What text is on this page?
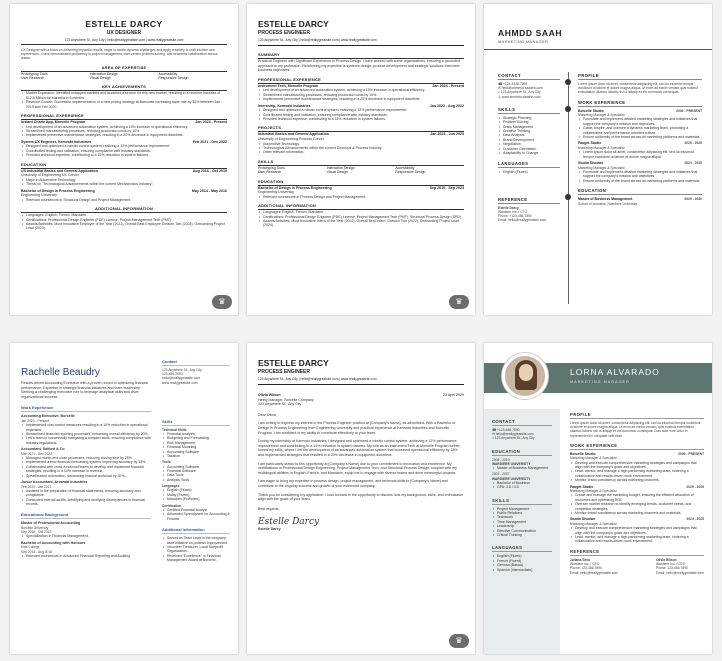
ESTELLE DARCY
UX DESIGNER
123 Anywhere St., Any City | hello@reallygreatsite.com | www.reallygreatsite.com
UX Designer with a focus on delivering impactful results, eager to tackle dynamic challenges and apply creativity to craft intuitive user experiences. I have demonstrated proficiency in project management, user-centric problem-solving, and seamless collaboration across teams.
AREA OF EXPERTISE
Prototyping Tools	Interaction Design	Accessibility
User Research	Visual Design	Responsive Design
KEY ACHIEVEMENTS
• Market Expansion: Identified untapped markets and launched a service for this new market, resulting in a revenue increase of $12.5 Million for Marcella in 6 months.
• Revenue Growth: Successful implementation of a new pricing strategy at Barnowle increasing base rate by 30% between Jan 2019 and Feb 2020.
PROFESSIONAL EXPERIENCE
Instant Chartz App, Morcelle Program	Jan 2023 - Present
• Led development of an advanced automation system, achieving a 15% increase in operational efficiency.
• Streamlined manufacturing processes, reducing production costs by 10%.
• Implemented preventive maintenance strategies, resulting in a 20% decrease in equipment downtime.
System UX Engineer, Kemvoki Industries	Feb 2021 - Dec 2022
• Designed and optimized a robotic control system, realizing a 12% performance improvement.
• Coordinated testing and validation, ensuring compliance with industry standards.
• Provided technical expertise, contributing to a 15% reduction in system failures.
EDUCATION
UX Industrial Basics and General Application	Aug 2016 - Oct 2019
University of Engineering UX Cohort
• Major in Automotive Technology.
• Thesis on "Technological Advancements within the current Mechatronics Industry".
Bachelor of Design in Process Engineering	May 2014 - May 2016
Engineering University
• Relevant coursework in Structural Design and Project Management.
ADDITIONAL INFORMATION
• Languages: English, French, Mandarin.
• Certifications: Professional Design Engineer (PDE) License, Project Management Tech (PMT).
• Awards/Activities: Most Innovative Employer of the Year (2021), Overall Best Employee Division Two (2024), Onboarding Project Lead (2023).
♛
ESTELLE DARCY
PROCESS ENGINEER
123 Anywhere St., Any City | hello@reallygreatsite.com | www.reallygreatsite.com
SUMMARY
Practical Engineer with Significant Experience in Process Design. I have worked with some organizations, ensuring a grounded approach to my profession. Reinforcing my expertise is systems design, product development and strategic solutions that meet business objectives.
PROFESSIONAL EXPERIENCE
Instrument Tech, Morcelle Program	Jan 2024 - Present
• Led development of an advanced automation system, achieving a 15% increase in operational efficiency.
• Streamlined manufacturing processes, reducing production costs by 10%.
• Implemented preventive maintenance strategies, resulting in a 20% decrease in equipment downtime.
Internship, Kemvoki Industries	Jan 2022 - Aug 2022
• Designed and optimized a robotic control system, realizing a 12% performance improvement.
• Coordinated testing and validation, ensuring compliance with industry standards.
• Provided technical expertise, contributing to a 15% reduction in system failures.
PROJECTS
Industrial Basics and General Application	Jan 2023 - Jun 2023
University of Engineering Process Cohort
• Automotive Technology.
• Technological Advancements within the current Chemical & Process Industry.
• Other relevant information.
SKILLS
Prototyping Tools	Interaction Design	Accessibility
User Research	Visual Design	Responsive Design
EDUCATION
Bachelor of Design in Process Engineering	Sep 2019 - Sep 2023
Engineering University
• Relevant coursework in Process Design and Project Management.
ADDITIONAL INFORMATION
• Languages: English, French, Mandarin.
• Certifications: Professional Design Engineer (PDE) License, Project Management Tech (PMT), Structural Process Design (SPD).
• Awards/Activities: Most Innovative Intern of the Year (2022), Overall Best Intern, Division Two (2022), Onboarding Project Lead (2024).
♛
AHMDD SAAH
MARKETING MANAGER
CONTACT
☎ +124-4236-7894
✉ hello@ahmedd saaahh.com
⌂ 123 Anywhere St., Any City
◎ www.ahmedd saaahh.com
SKILLS
• Strategic Planning
• Problem Solving
• Crisis Management
• Creative Thinking
• Data Analysis
• Brand Development
• Negotiation
• Customer Orientation
• Adaptability to Change
LANGUAGES
• English (Fluent)
REFERENCE
Estelle Darcy
Wardiere Inc. / CTO
Phone: +123-456-7890
Email: hello@reallygreatsite.com
PROFILE
Lorem ipsum dolor sit amet, consectetur adipiscing elit, sed do eiusmod tempor incididunt ut labore et dolore magna aliqua. Ut enim ad minim veniam quis nostrud exercitation ullamco laboris nisi ut aliquip ex ea commodo consequat.
WORK EXPERIENCE
Borcelle Studio	2030 - PRESENT
Marketing Manager & Specialist
• Formulate and implement detailed marketing strategies and initiatives that support the company's mission and objectives.
• Guide, inspire, and oversee a dynamic marketing team, promoting a collaborative and performance-oriented culture.
• Ensure uniformity of the brand across all marketing platforms and materials.
Fauget Studio	2025 - 2029
Marketing Manager & Specialist
• Lorem ipsum dolor sit amet, consectetur adipiscing elit, sed do eiusmod tempor incididunt ut labore et dolore magna aliqua.
Studio Shodwe	2024 - 2025
Marketing Manager & Specialist
• Formulate and implement detailed marketing strategies and initiatives that support the company's mission and objectives.
• Ensure uniformity of the brand across all marketing platforms and materials.
EDUCATION
Master of Business Management	2029 - 2030
School of business | Wardiere University
Rachelle Beaudry
Results-driven Accounting Executive with a proven record of optimizing financial performance. Expertise in strategic financial initiatives and team leadership. Seeking a challenging executive role to leverage analytical skills and drive organizational success.
Work Experience
Accounting Executive, Borcelle
Jan 2023 - Present
• Implemented cost control measures resulting in a 10% reduction in operational expenses.
• Streamlined financial reporting processes, enhancing overall efficiency by 20%.
• Led a team in successfully navigating a complex audit, ensuring compliance with industry regulations.
Accountant, Salford & Co
Mar 2021 - Dec 2022
• Managed month-end close processes, reducing closing time by 25%.
• Implemented a new financial forecasting system, improving accuracy by 15%.
• Collaborated with cross-functional teams to develop and implement financial strategies, resulting in a 10% increase in revenue.
• Spearheaded automation, decreasing manual workload by 30%.
Junior Accountant, Arowwai Industries
Feb 2020 - Jan 2021
• Assisted in the preparation of financial statements, ensuring accuracy and compliance.
• Conducted internal audits, identifying and rectifying discrepancies in financial records.
Educational Background
Master of Professional Accounting
Borcelle University
Sep 2018 - Oct 2019
• Specialization in Financial Management.
Bachelor of Accounting with Honours
Elite College
Sep 2014 - Aug 2018
• Relevant coursework in Advanced Financial Reporting and Auditing.
Contact
123 Anywhere St., Any City
123-456-7890
hello@reallygreatsite.com
www.reallygreatsite.com
Skills
Technical Skills
• Financial Analysis
• Budgeting and Forecasting
• Risk Management
• Financial Modeling
• Accounting Software
• Taxation
Tools
• Accounting Software
• Financial Software
• Data Tools
• Analysis Tools
Languages
• English (Fluent)
• Malay (Fluent)
• Mandarin (Proficient)
Certification
• Certified Financial Analyst
• Advanced Spreadsheet for Accounting & Finance
Additional Information
• Served as Team Lead in the company-wide initiative on process improvement.
• Volunteer Treasurer, Local Nonprofit Organization.
• Received "Excellence" in Financial Management Award at Borcelle.
ESTELLE DARCY
PROCESS ENGINEER
123 Anywhere St., Any City | hello@reallygreatsite.com | www.reallygreatsite.com
Olivia Wilson	23 April 2029
Hiring Manager, Borcelle Company
123 Anywhere St., Any City
Dear Olivia,
I am writing to express my interest in the Process Engineer position at [Company's Name], as advertised. With a Bachelor of Design in Process Engineering from Engineering University and practical experience at Kemvoki Industries and Morcelle Program, I am confident in my ability to contribute effectively to your team.
During my internship at Kemvoki Industries, I designed and optimized a robotic control system, achieving a 12% performance improvement and contributing to a 15% reduction in system failures. My role as an Instrument Tech at Morcelle Program further honed my skills, where I led the development of an advanced automation system that increased operational efficiency by 15% and implemented strategies that resulted in a 20% decrease in equipment downtime.
I am particularly drawn to this opportunity at [Company's Name] due to your commitment to innovation and excellence. My certifications in Professional Design Engineering, Project Management Tech, and Structural Process Design, coupled with my multilingual abilities in English, French, and Mandarin, equip me to engage with diverse teams and drive meaningful projects.
I am eager to bring my expertise in process design, project management, and technical skills to [Company's Name] and contribute to the ongoing success and growth of your esteemed company.
Thank you for considering my application. I look forward to the opportunity to discuss how my background, skills, and enthusiasm align with the goals of your team.
Best regards,
Estelle Darcy
Estelle Darcy
♛
LORNA ALVARADO
MARKETING MANAGER
CONTACT
☎ +123-456-7890
✉ hello@reallygreatsite.com
⌂ 123 Anywhere St., Any City
EDUCATION
2008 - 2010
WARDIERE UNIVERSITY
• Master of Business Management
2003 - 2007
WARDIERE UNIVERSITY
• Bachelor of Business
• GPA: 3.8 / 4.0
SKILLS
• Project Management
• Public Relations
• Teamwork
• Time Management
• Leadership
• Effective Communication
• Critical Thinking
LANGUAGES
• English (Fluent)
• French (Fluent)
• German (Basics)
• Spanish (Intermediate)
PROFILE
Lorem ipsum dolor sit amet, consectetur adipiscing elit, sed do eiusmod tempor incididunt ut labore et dolore magna aliqua. Ut enim ad minim veniam, quis nostrud exercitation ullamco laboris nisi ut aliquip ex ea commodo consequat. Duis aute irure dolor in reprehenderit in voluptate velit esse.
WORK EXPERIENCE
Borcelle Studio	2030 - PRESENT
Marketing Manager & Specialist
• Develop and execute comprehensive marketing strategies and campaigns that align with the company's goals and objectives.
• Lead, mentor, and manage a high-performing marketing team, fostering a collaborative and results-driven work environment.
• Monitor brand consistency across marketing channels.
Fauget Studio	2025 - 2029
Marketing Manager & Specialist
• Create and manage the marketing budget, ensuring the efficient allocation of resources and optimizing ROI.
• Oversee market research to identify emerging trends, customer needs, and competitor strategies.
• Monitor brand consistency across marketing channels and materials.
Studio Shodwe	2024 - 2025
Marketing Manager & Specialist
• Develop and execute comprehensive marketing strategies and campaigns that align with the company's goals and objectives.
• Lead, mentor, and manage a high-performing marketing team, fostering a collaborative and results-driven work environment.
REFERENCE
Juliana Silva
Wardiere Inc. / CEO
Phone: 123-456-7890
Email: hello@reallygreatsite.com
Olivia Wilson
Wardiere Inc. / CEO
Phone: 123-456-7890
Email: hello@reallygreatsite.com
